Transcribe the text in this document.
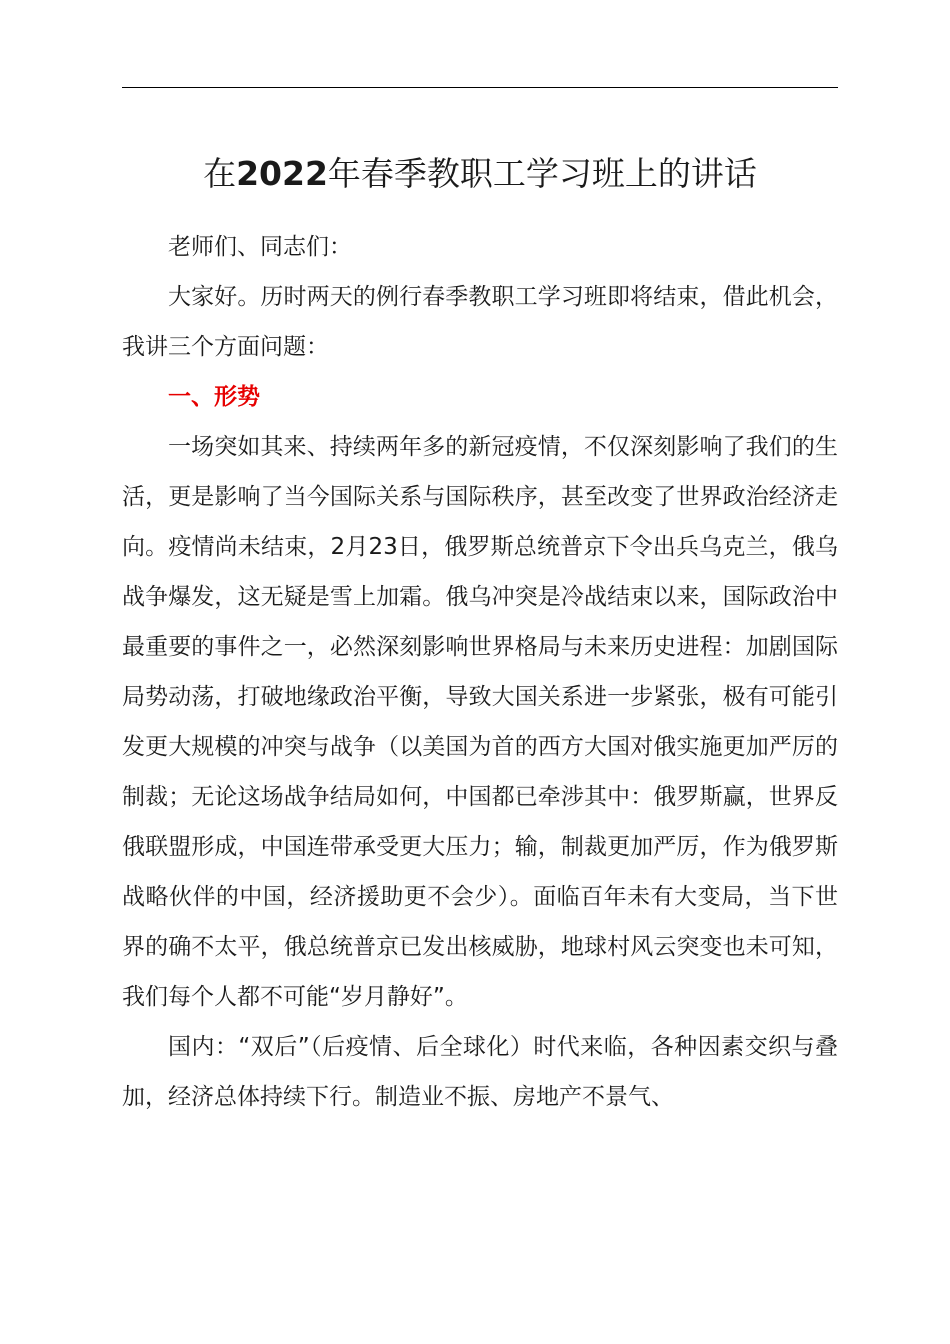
在2022年春季教职工学习班上的讲话

老师们、同志们：

大家好。历时两天的例行春季教职工学习班即将结束，借此机会，我讲三个方面问题：

一、形势

一场突如其来、持续两年多的新冠疫情，不仅深刻影响了我们的生活，更是影响了当今国际关系与国际秩序，甚至改变了世界政治经济走向。疫情尚未结束，2月23日，俄罗斯总统普京下令出兵乌克兰，俄乌战争爆发，这无疑是雪上加霜。俄乌冲突是冷战结束以来，国际政治中最重要的事件之一，必然深刻影响世界格局与未来历史进程：加剧国际局势动荡，打破地缘政治平衡，导致大国关系进一步紧张，极有可能引发更大规模的冲突与战争（以美国为首的西方大国对俄实施更加严厉的制裁；无论这场战争结局如何，中国都已牵涉其中：俄罗斯赢，世界反俄联盟形成，中国连带承受更大压力；输，制裁更加严厉，作为俄罗斯战略伙伴的中国，经济援助更不会少）。面临百年未有大变局，当下世界的确不太平，俄总统普京已发出核威胁，地球村风云突变也未可知，我们每个人都不可能“岁月静好”。

国内：“双后”（后疫情、后全球化）时代来临，各种因素交织与叠加，经济总体持续下行。制造业不振、房地产不景气、
